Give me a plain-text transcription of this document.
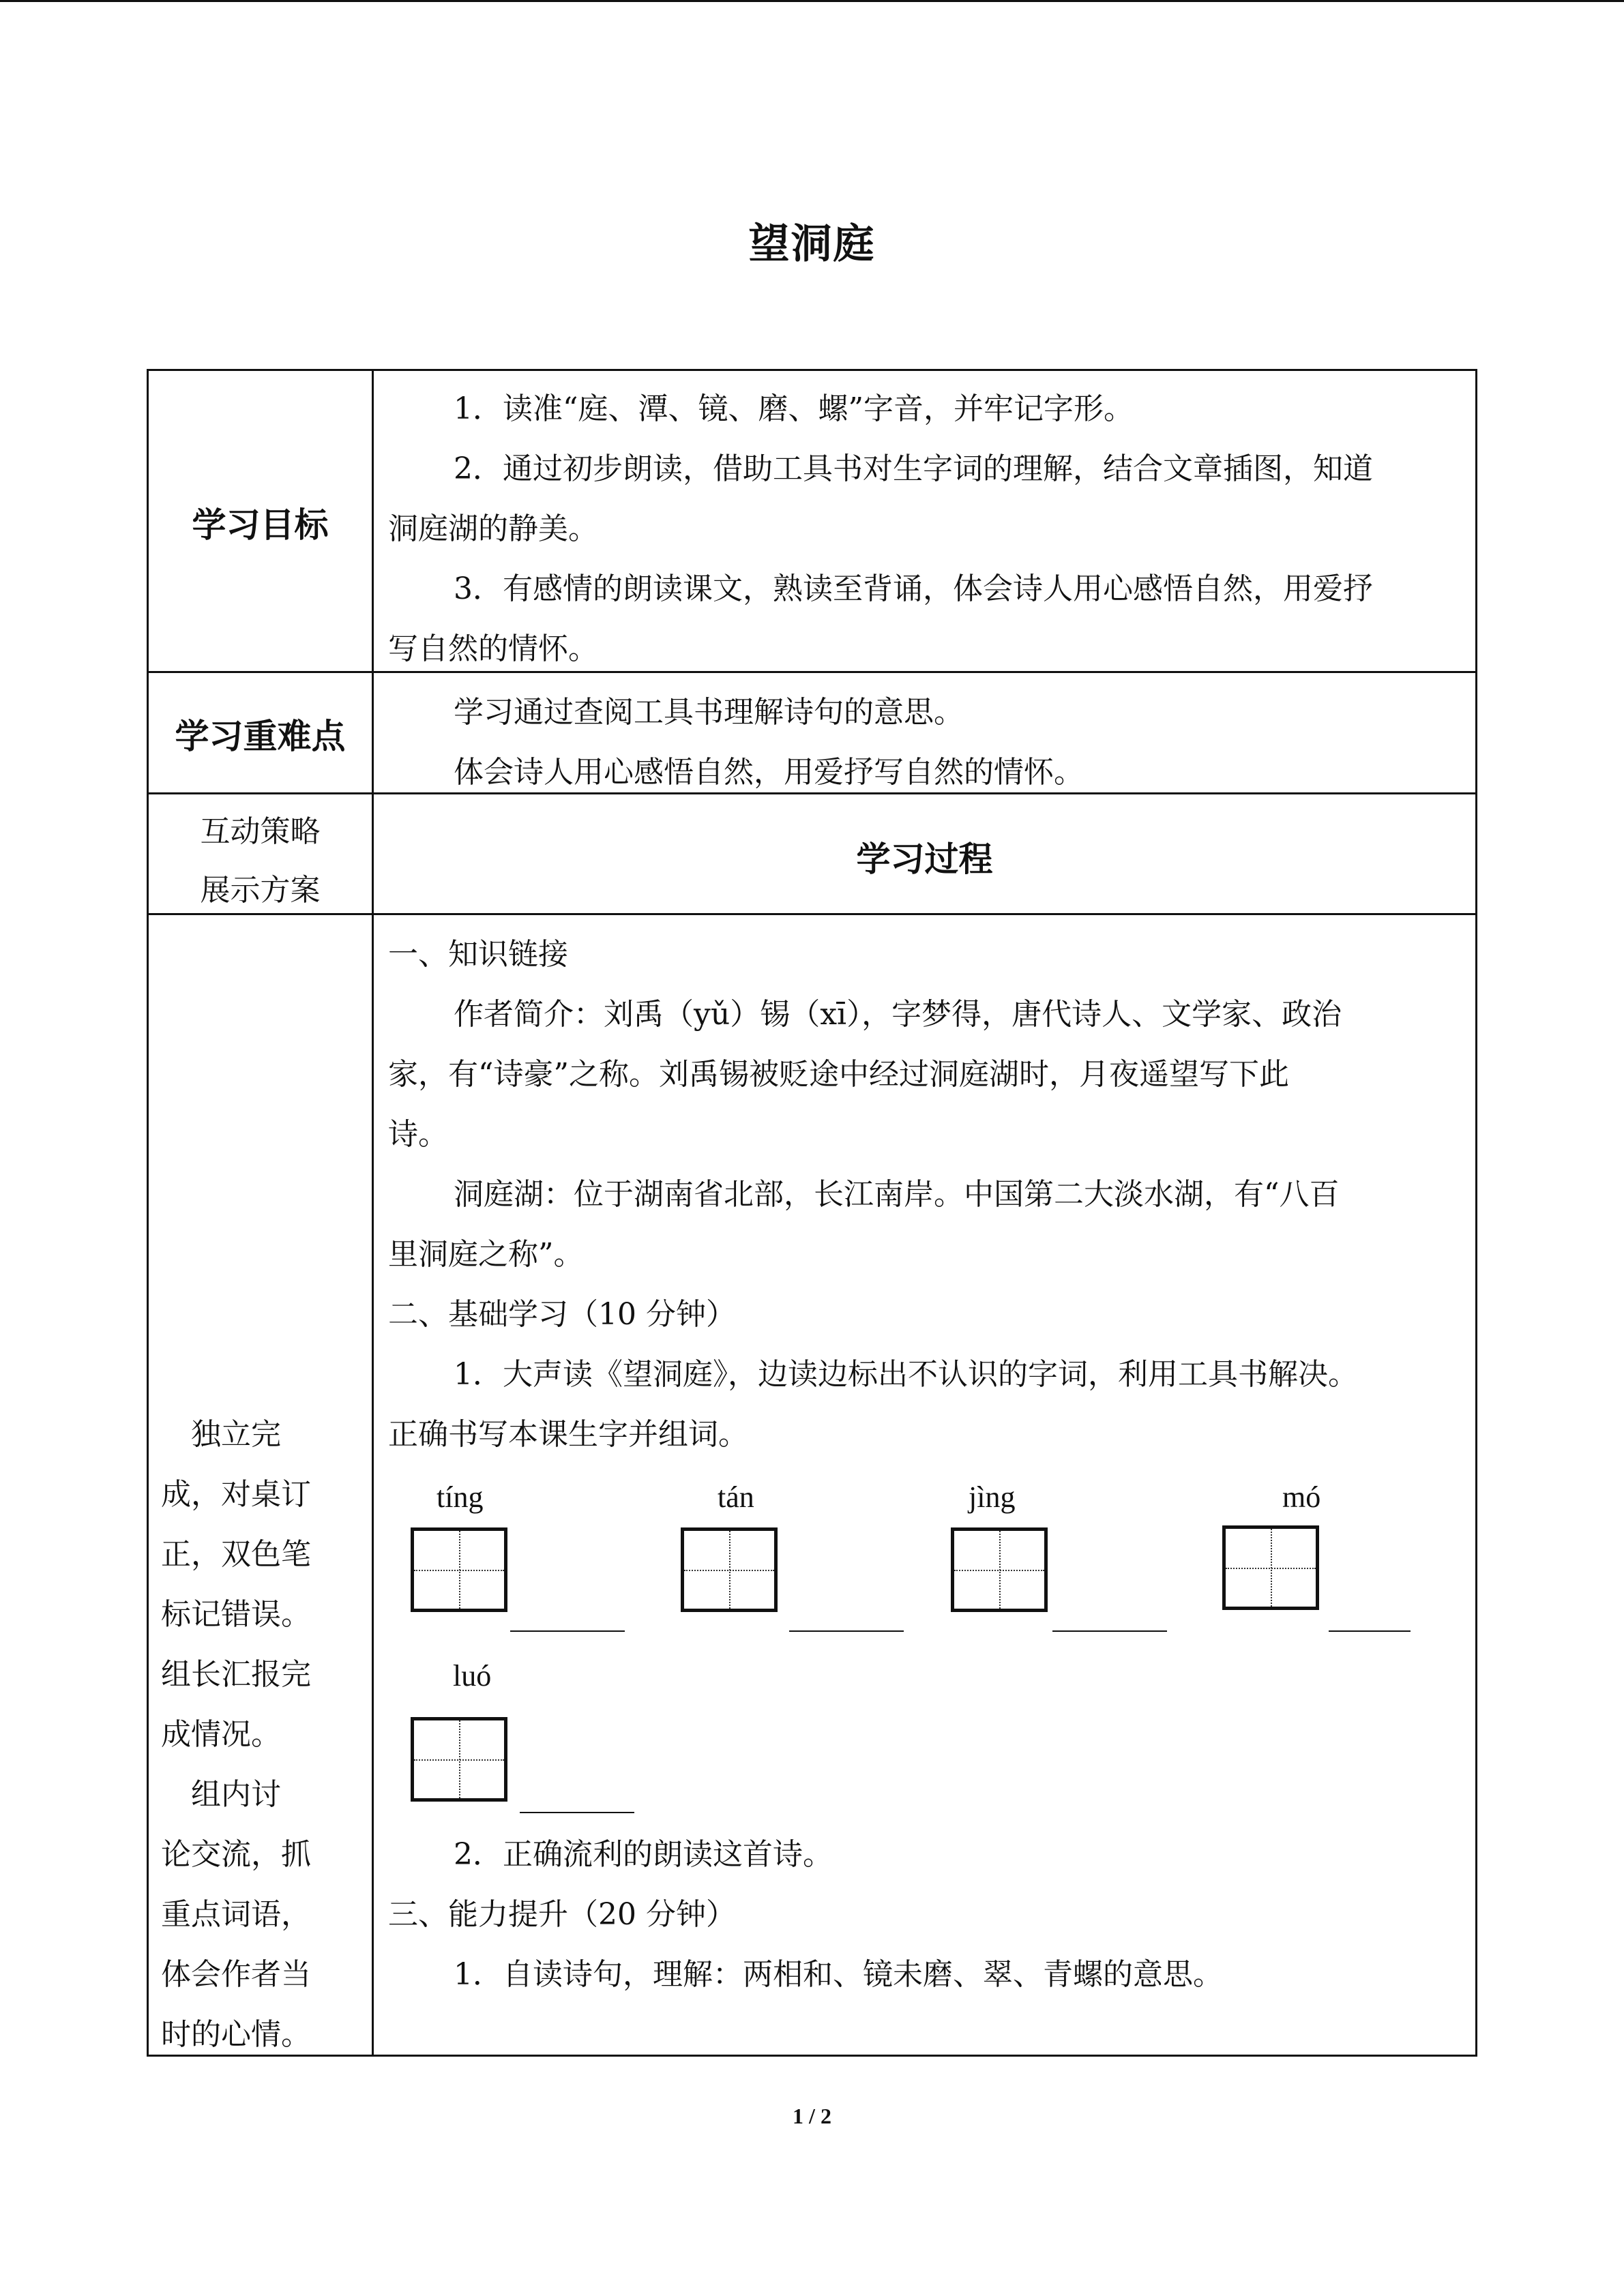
望洞庭
学习目标
1．读准“庭、潭、镜、磨、螺”字音，并牢记字形。
2．通过初步朗读，借助工具书对生字词的理解，结合文章插图，知道
洞庭湖的静美。
3．有感情的朗读课文，熟读至背诵，体会诗人用心感悟自然，用爱抒
写自然的情怀。
学习重难点
学习通过查阅工具书理解诗句的意思。
体会诗人用心感悟自然，用爱抒写自然的情怀。
互动策略
展示方案
学习过程
　独立完
成，对桌订
正，双色笔
标记错误。
组长汇报完
成情况。
　组内讨
论交流，抓
重点词语，
体会作者当
时的心情。
一、知识链接
作者简介：刘禹（yǔ）锡（xī），字梦得，唐代诗人、文学家、政治
家，有“诗豪”之称。刘禹锡被贬途中经过洞庭湖时，月夜遥望写下此
诗。
洞庭湖：位于湖南省北部，长江南岸。中国第二大淡水湖，有“八百
里洞庭之称”。
二、基础学习（10 分钟）
1．大声读《望洞庭》，边读边标出不认识的字词，利用工具书解决。
正确书写本课生字并组词。
tíng	tán	jìng	mó
luó
2．正确流利的朗读这首诗。
三、能力提升（20 分钟）
1．自读诗句，理解：两相和、镜未磨、翠、青螺的意思。
1 / 2
